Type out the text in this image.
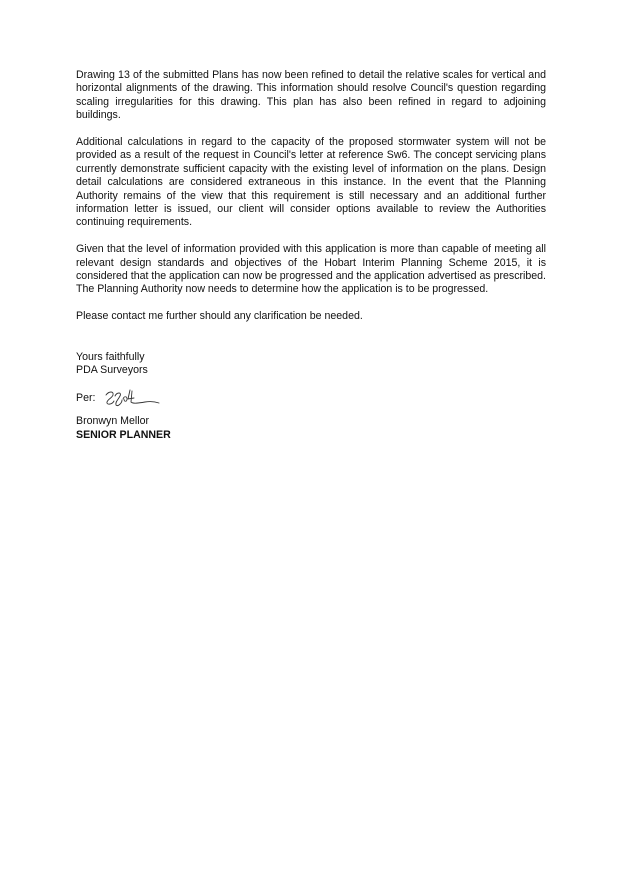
Drawing 13 of the submitted Plans has now been refined to detail the relative scales for vertical and horizontal alignments of the drawing. This information should resolve Council's question regarding scaling irregularities for this drawing. This plan has also been refined in regard to adjoining buildings.

Additional calculations in regard to the capacity of the proposed stormwater system will not be provided as a result of the request in Council's letter at reference Sw6. The concept servicing plans currently demonstrate sufficient capacity with the existing level of information on the plans. Design detail calculations are considered extraneous in this instance. In the event that the Planning Authority remains of the view that this requirement is still necessary and an additional further information letter is issued, our client will consider options available to review the Authorities continuing requirements.

Given that the level of information provided with this application is more than capable of meeting all relevant design standards and objectives of the Hobart Interim Planning Scheme 2015, it is considered that the application can now be progressed and the application advertised as prescribed. The Planning Authority now needs to determine how the application is to be progressed.

Please contact me further should any clarification be needed.

Yours faithfully
PDA Surveyors
Per:
Bronwyn Mellor
SENIOR PLANNER
